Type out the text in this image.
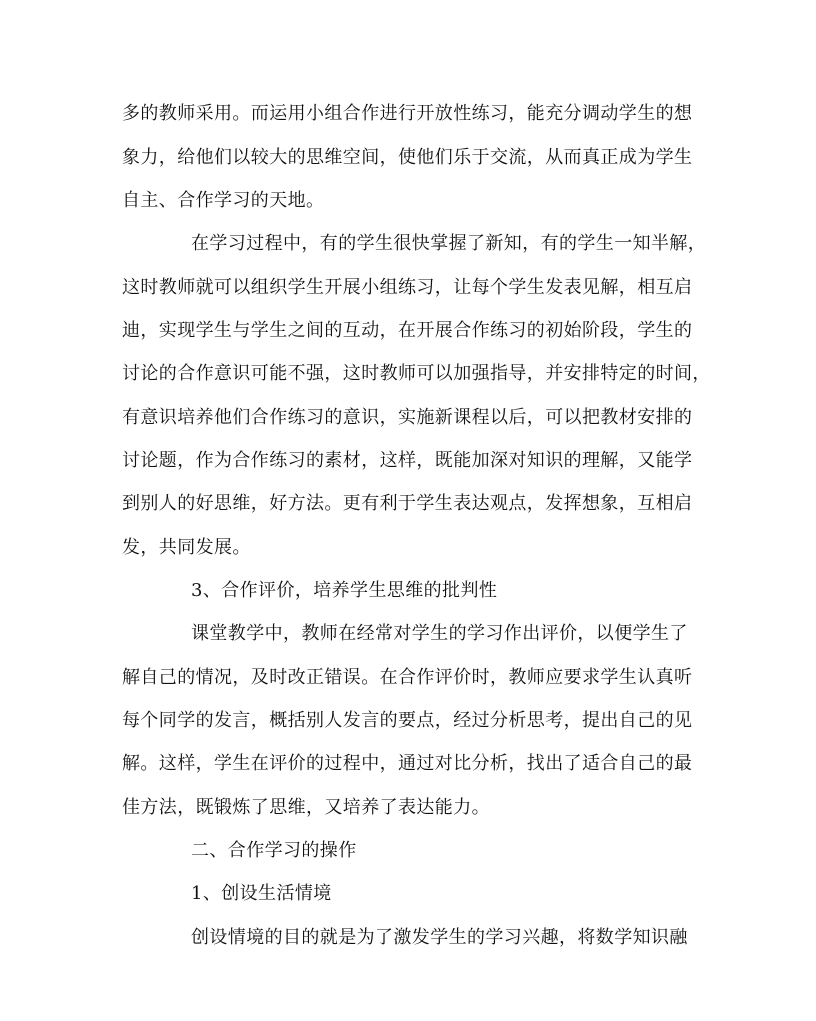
多的教师采用。而运用小组合作进行开放性练习，能充分调动学生的想
象力，给他们以较大的思维空间，使他们乐于交流，从而真正成为学生
自主、合作学习的天地。
在学习过程中，有的学生很快掌握了新知，有的学生一知半解，
这时教师就可以组织学生开展小组练习，让每个学生发表见解，相互启
迪，实现学生与学生之间的互动，在开展合作练习的初始阶段，学生的
讨论的合作意识可能不强，这时教师可以加强指导，并安排特定的时间，
有意识培养他们合作练习的意识，实施新课程以后，可以把教材安排的
讨论题，作为合作练习的素材，这样，既能加深对知识的理解，又能学
到别人的好思维，好方法。更有利于学生表达观点，发挥想象，互相启
发，共同发展。
3、合作评价，培养学生思维的批判性
课堂教学中，教师在经常对学生的学习作出评价，以便学生了
解自己的情况，及时改正错误。在合作评价时，教师应要求学生认真听
每个同学的发言，概括别人发言的要点，经过分析思考，提出自己的见
解。这样，学生在评价的过程中，通过对比分析，找出了适合自己的最
佳方法，既锻炼了思维，又培养了表达能力。
二、合作学习的操作
1、创设生活情境
创设情境的目的就是为了激发学生的学习兴趣，将数学知识融
